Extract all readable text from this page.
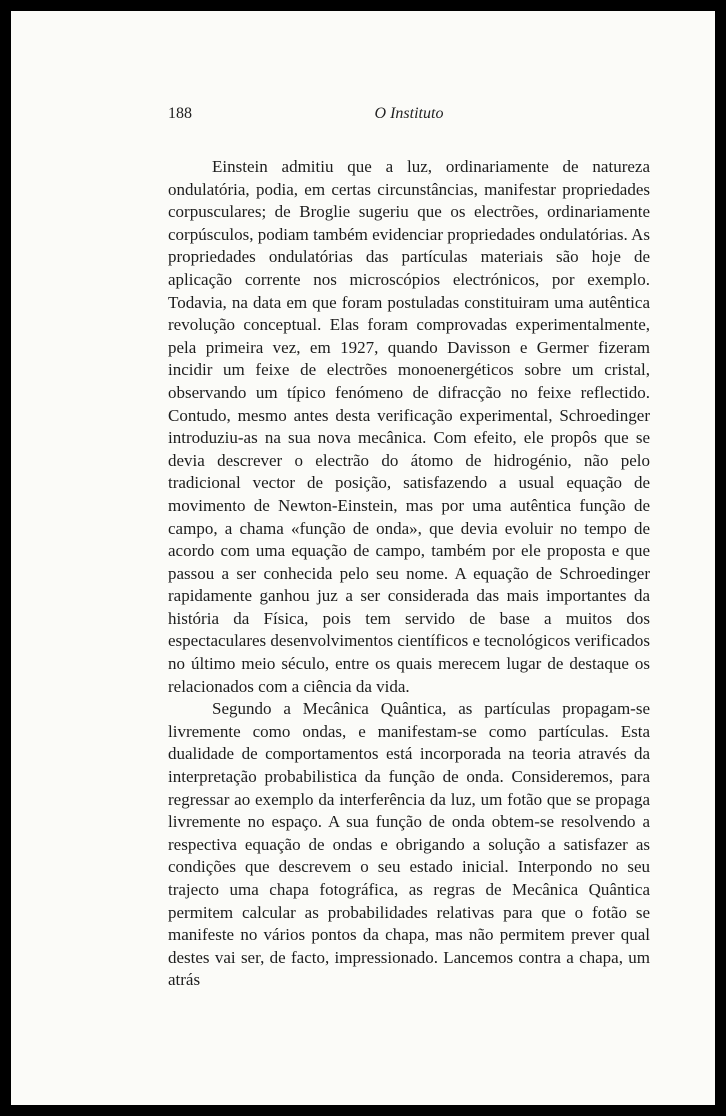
188	O Instituto

Einstein admitiu que a luz, ordinariamente de natureza ondulatória, podia, em certas circunstâncias, manifestar propriedades corpusculares; de Broglie sugeriu que os electrões, ordinariamente corpúsculos, podiam também evidenciar propriedades ondulatórias. As propriedades ondulatórias das partículas materiais são hoje de aplicação corrente nos microscópios electrónicos, por exemplo. Todavia, na data em que foram postuladas constituiram uma autêntica revolução conceptual. Elas foram comprovadas experimentalmente, pela primeira vez, em 1927, quando Davisson e Germer fizeram incidir um feixe de electrões monoenergéticos sobre um cristal, observando um típico fenómeno de difracção no feixe reflectido. Contudo, mesmo antes desta verificação experimental, Schroedinger introduziu-as na sua nova mecânica. Com efeito, ele propôs que se devia descrever o electrão do átomo de hidrogénio, não pelo tradicional vector de posição, satisfazendo a usual equação de movimento de Newton-Einstein, mas por uma autêntica função de campo, a chama «função de onda», que devia evoluir no tempo de acordo com uma equação de campo, também por ele proposta e que passou a ser conhecida pelo seu nome. A equação de Schroedinger rapidamente ganhou juz a ser considerada das mais importantes da história da Física, pois tem servido de base a muitos dos espectaculares desenvolvimentos científicos e tecnológicos verificados no último meio século, entre os quais merecem lugar de destaque os relacionados com a ciência da vida.

Segundo a Mecânica Quântica, as partículas propagam-se livremente como ondas, e manifestam-se como partículas. Esta dualidade de comportamentos está incorporada na teoria através da interpretação probabilistica da função de onda. Consideremos, para regressar ao exemplo da interferência da luz, um fotão que se propaga livremente no espaço. A sua função de onda obtem-se resolvendo a respectiva equação de ondas e obrigando a solução a satisfazer as condições que descrevem o seu estado inicial. Interpondo no seu trajecto uma chapa fotográfica, as regras de Mecânica Quântica permitem calcular as probabilidades relativas para que o fotão se manifeste no vários pontos da chapa, mas não permitem prever qual destes vai ser, de facto, impressionado. Lancemos contra a chapa, um atrás
